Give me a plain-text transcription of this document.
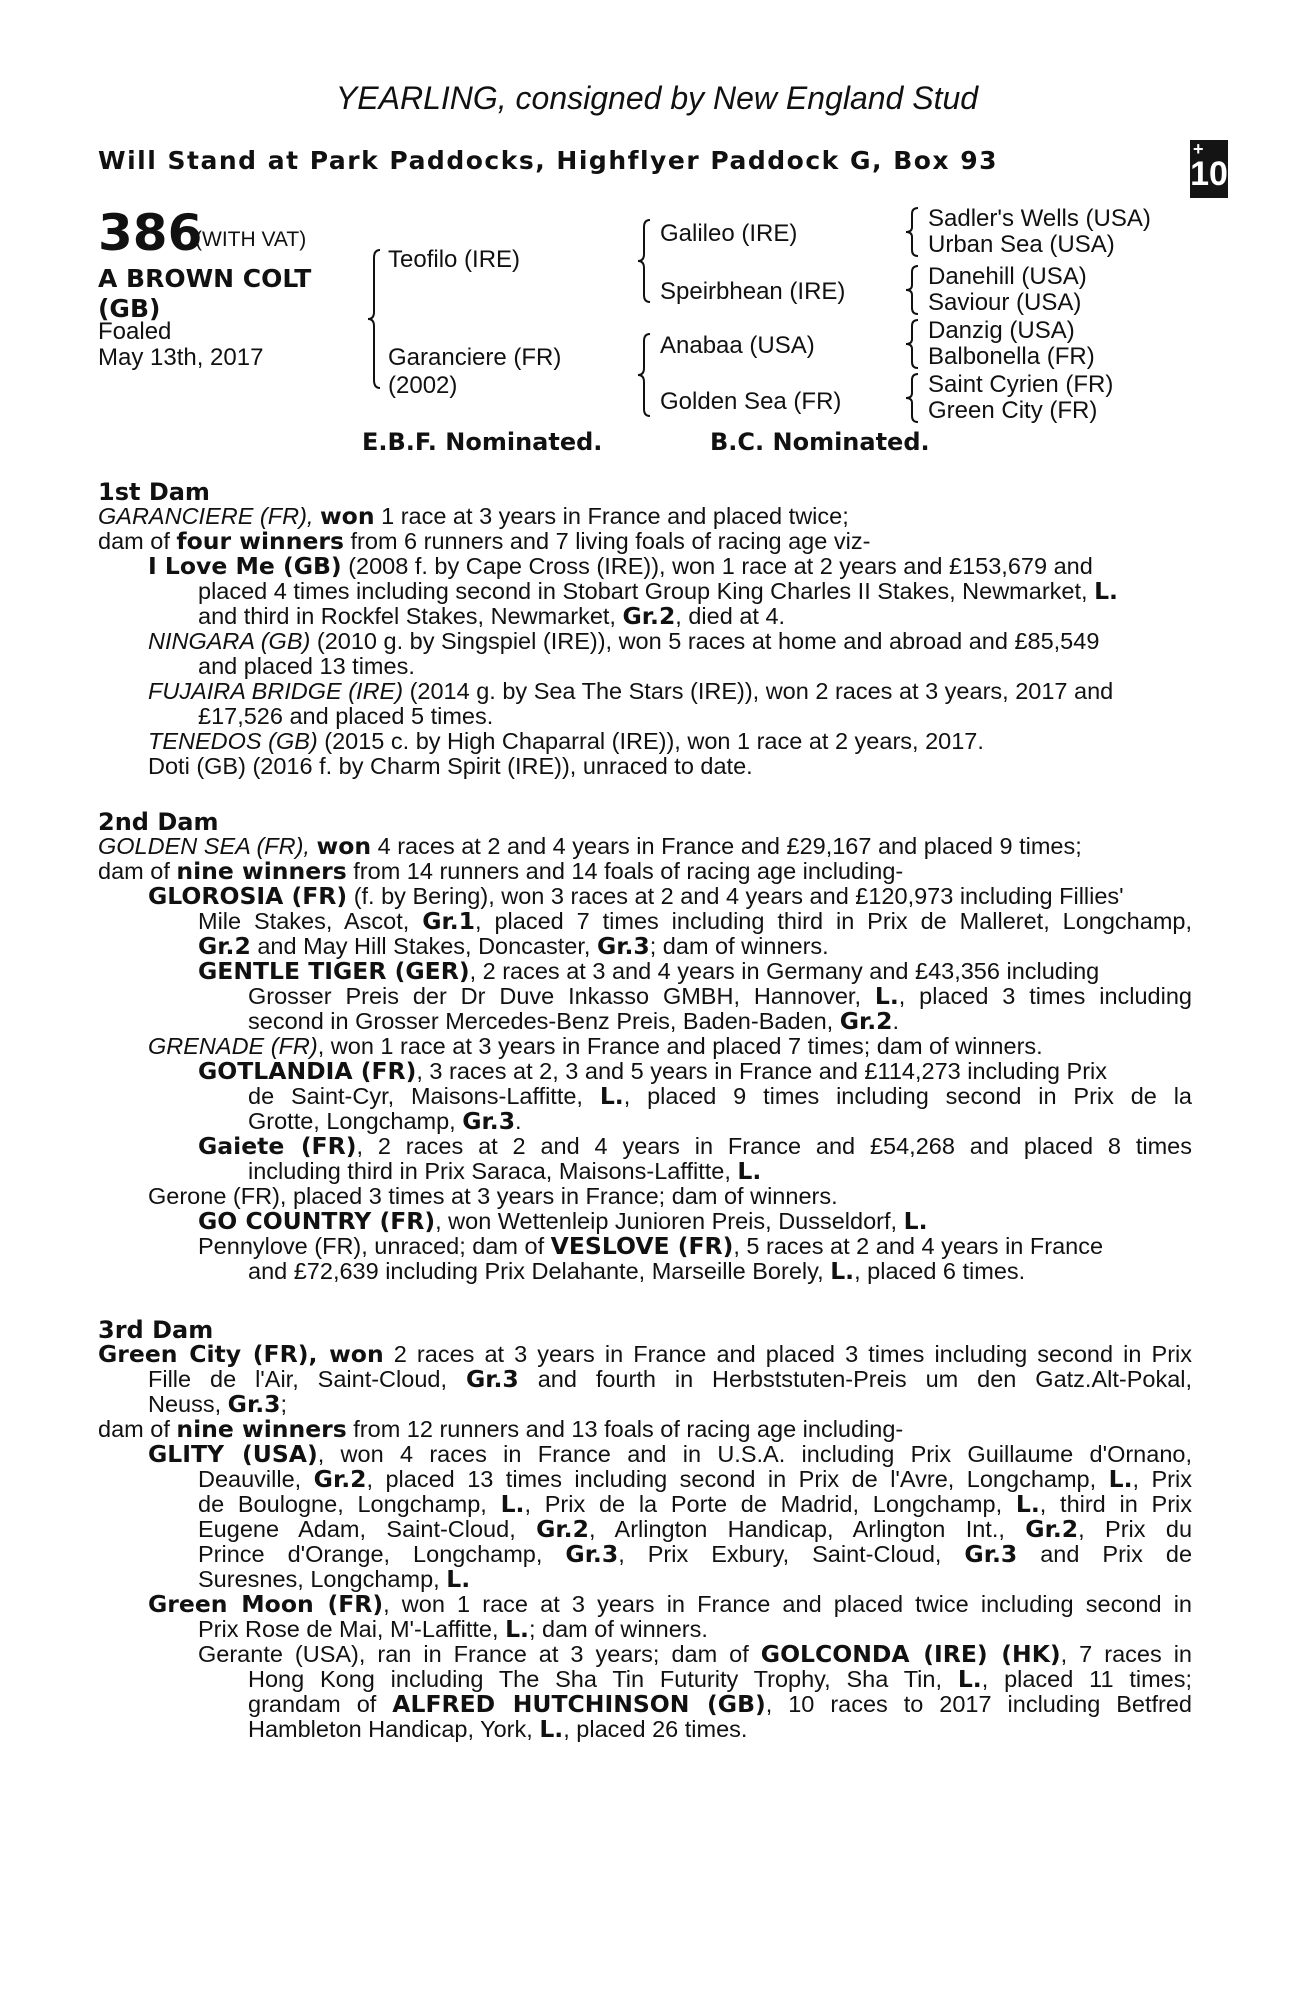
YEARLING, consigned by New England Stud
Will Stand at Park Paddocks, Highflyer Paddock G, Box 93	+
10
386
(WITH VAT)
A BROWN COLT (GB)
Foaled
May 13th, 2017
Teofilo (IRE)
Garanciere (FR)
(2002)
Galileo (IRE)
Speirbhean (IRE)
Anabaa (USA)
Golden Sea (FR)
Sadler's Wells (USA)
Urban Sea (USA)
Danehill (USA)
Saviour (USA)
Danzig (USA)
Balbonella (FR)
Saint Cyrien (FR)
Green City (FR)
E.B.F. Nominated.	B.C. Nominated.
1st Dam
GARANCIERE (FR), won 1 race at 3 years in France and placed twice;
dam of four winners from 6 runners and 7 living foals of racing age viz-
I Love Me (GB) (2008 f. by Cape Cross (IRE)), won 1 race at 2 years and £153,679 and
placed 4 times including second in Stobart Group King Charles II Stakes, Newmarket, L.
and third in Rockfel Stakes, Newmarket, Gr.2, died at 4.
NINGARA (GB) (2010 g. by Singspiel (IRE)), won 5 races at home and abroad and £85,549
and placed 13 times.
FUJAIRA BRIDGE (IRE) (2014 g. by Sea The Stars (IRE)), won 2 races at 3 years, 2017 and
£17,526 and placed 5 times.
TENEDOS (GB) (2015 c. by High Chaparral (IRE)), won 1 race at 2 years, 2017.
Doti (GB) (2016 f. by Charm Spirit (IRE)), unraced to date.
2nd Dam
GOLDEN SEA (FR), won 4 races at 2 and 4 years in France and £29,167 and placed 9 times;
dam of nine winners from 14 runners and 14 foals of racing age including-
GLOROSIA (FR) (f. by Bering), won 3 races at 2 and 4 years and £120,973 including Fillies'
Mile Stakes, Ascot, Gr.1, placed 7 times including third in Prix de Malleret, Longchamp,
Gr.2 and May Hill Stakes, Doncaster, Gr.3; dam of winners.
GENTLE TIGER (GER), 2 races at 3 and 4 years in Germany and £43,356 including
Grosser Preis der Dr Duve Inkasso GMBH, Hannover, L., placed 3 times including
second in Grosser Mercedes-Benz Preis, Baden-Baden, Gr.2.
GRENADE (FR), won 1 race at 3 years in France and placed 7 times; dam of winners.
GOTLANDIA (FR), 3 races at 2, 3 and 5 years in France and £114,273 including Prix
de Saint-Cyr, Maisons-Laffitte, L., placed 9 times including second in Prix de la
Grotte, Longchamp, Gr.3.
Gaiete (FR), 2 races at 2 and 4 years in France and £54,268 and placed 8 times
including third in Prix Saraca, Maisons-Laffitte, L.
Gerone (FR), placed 3 times at 3 years in France; dam of winners.
GO COUNTRY (FR), won Wettenleip Junioren Preis, Dusseldorf, L.
Pennylove (FR), unraced; dam of VESLOVE (FR), 5 races at 2 and 4 years in France
and £72,639 including Prix Delahante, Marseille Borely, L., placed 6 times.
3rd Dam
Green City (FR), won 2 races at 3 years in France and placed 3 times including second in Prix
Fille de l'Air, Saint-Cloud, Gr.3 and fourth in Herbststuten-Preis um den Gatz.Alt-Pokal,
Neuss, Gr.3;
dam of nine winners from 12 runners and 13 foals of racing age including-
GLITY (USA), won 4 races in France and in U.S.A. including Prix Guillaume d'Ornano,
Deauville, Gr.2, placed 13 times including second in Prix de l'Avre, Longchamp, L., Prix
de Boulogne, Longchamp, L., Prix de la Porte de Madrid, Longchamp, L., third in Prix
Eugene Adam, Saint-Cloud, Gr.2, Arlington Handicap, Arlington Int., Gr.2, Prix du
Prince d'Orange, Longchamp, Gr.3, Prix Exbury, Saint-Cloud, Gr.3 and Prix de
Suresnes, Longchamp, L.
Green Moon (FR), won 1 race at 3 years in France and placed twice including second in
Prix Rose de Mai, M'-Laffitte, L.; dam of winners.
Gerante (USA), ran in France at 3 years; dam of GOLCONDA (IRE) (HK), 7 races in
Hong Kong including The Sha Tin Futurity Trophy, Sha Tin, L., placed 11 times;
grandam of ALFRED HUTCHINSON (GB), 10 races to 2017 including Betfred
Hambleton Handicap, York, L., placed 26 times.
